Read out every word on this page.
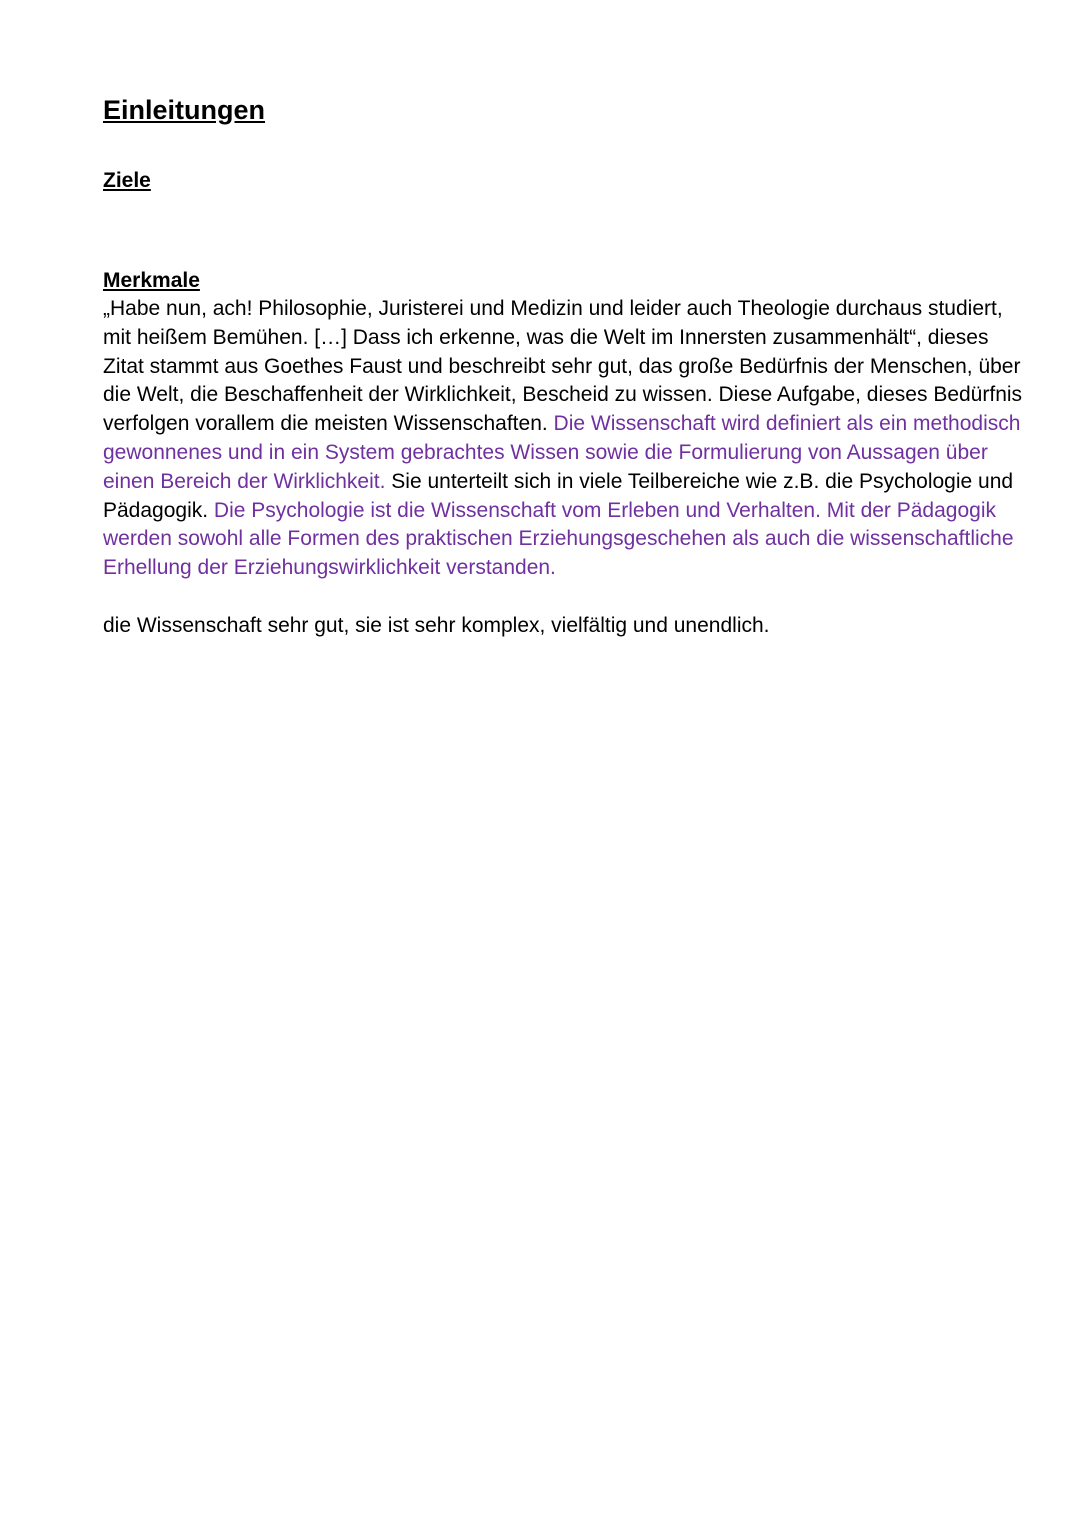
Einleitungen
Ziele
Merkmale

„Habe nun, ach! Philosophie, Juristerei und Medizin und leider auch Theologie durchaus studiert, mit heißem Bemühen. […] Dass ich erkenne, was die Welt im Innersten zusammenhält“, dieses Zitat stammt aus Goethes Faust und beschreibt sehr gut, das große Bedürfnis der Menschen, über die Welt, die Beschaffenheit der Wirklichkeit, Bescheid zu wissen. Diese Aufgabe, dieses Bedürfnis verfolgen vorallem die meisten Wissenschaften. Die Wissenschaft wird definiert als ein methodisch gewonnenes und in ein System gebrachtes Wissen sowie die Formulierung von Aussagen über einen Bereich der Wirklichkeit. Sie unterteilt sich in viele Teilbereiche wie z.B. die Psychologie und Pädagogik. Die Psychologie ist die Wissenschaft vom Erleben und Verhalten. Mit der Pädagogik werden sowohl alle Formen des praktischen Erziehungsgeschehen als auch die wissenschaftliche Erhellung der Erziehungswirklichkeit verstanden.

die Wissenschaft sehr gut, sie ist sehr komplex, vielfältig und unendlich.
